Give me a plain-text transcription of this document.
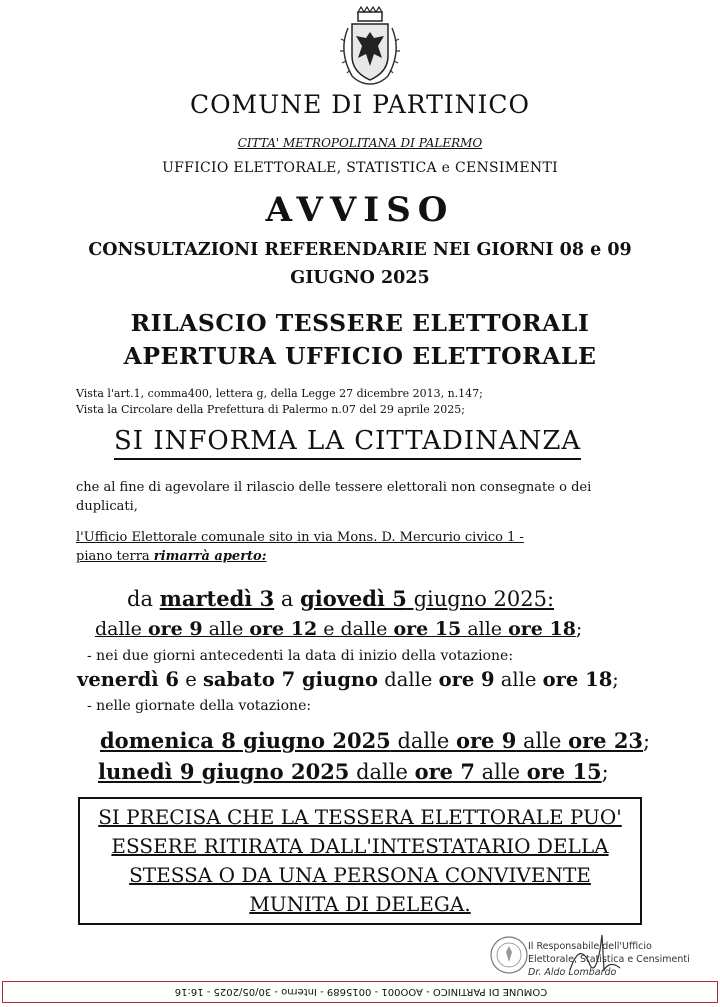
COMUNE DI PARTINICO
CITTA' METROPOLITANA DI PALERMO
UFFICIO ELETTORALE, STATISTICA e CENSIMENTI
AVVISO
CONSULTAZIONI REFERENDARIE NEI GIORNI 08 e 09
GIUGNO 2025
RILASCIO TESSERE ELETTORALI
APERTURA UFFICIO ELETTORALE
Vista l'art.1, comma400, lettera g, della Legge 27 dicembre 2013, n.147;
Vista la Circolare della Prefettura di Palermo n.07 del 29 aprile 2025;
SI INFORMA LA CITTADINANZA
che al fine di agevolare il rilascio delle tessere elettorali non consegnate o dei
duplicati,
l'Ufficio Elettorale comunale sito in via Mons. D. Mercurio civico 1 -
piano terra rimarrà aperto:
da martedì 3 a giovedì 5 giugno 2025:
dalle ore 9 alle ore 12 e dalle ore 15 alle ore 18;
- nei due giorni antecedenti la data di inizio della votazione:
venerdì 6 e sabato 7 giugno dalle ore 9 alle ore 18;
- nelle giornate della votazione:
domenica 8 giugno 2025 dalle ore 9 alle ore 23;
lunedì 9 giugno 2025 dalle ore 7 alle ore 15;
SI PRECISA CHE LA TESSERA ELETTORALE PUO'
ESSERE RITIRATA DALL'INTESTATARIO DELLA
STESSA O DA UNA PERSONA CONVIVENTE
MUNITA DI DELEGA.
Il Responsabile dell'Ufficio
Elettorale, Statistica e Censimenti
Dr. Aldo Lombardo
COMUNE DI PARTINICO - AOO001 - 0015689 - Interno - 30/05/2025 - 16:16
